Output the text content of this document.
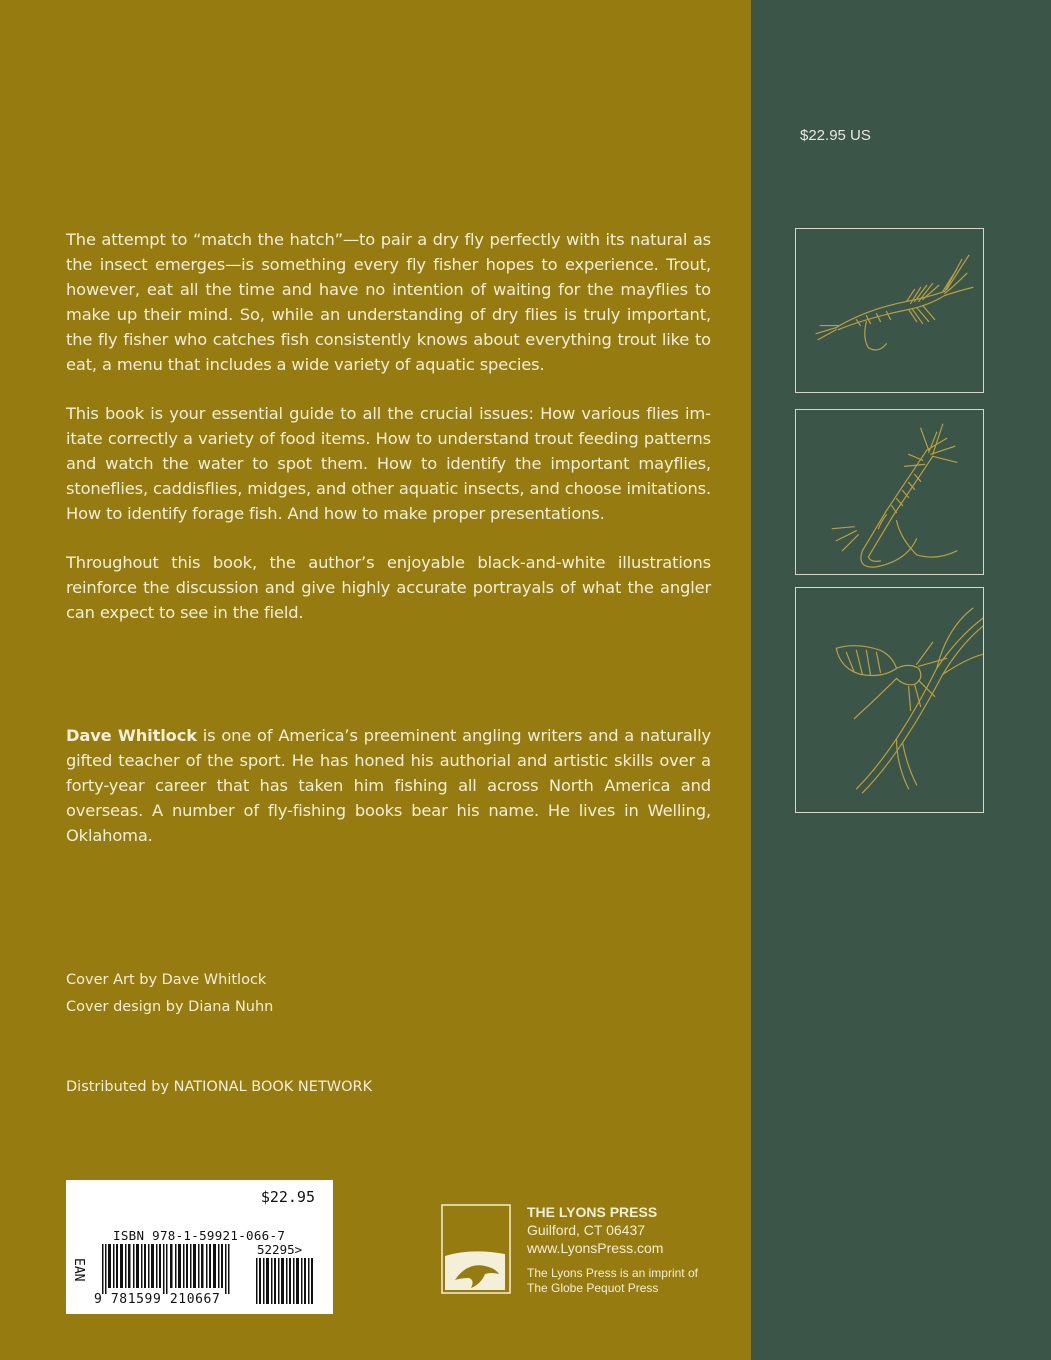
$22.95 US

The attempt to “match the hatch”—to pair a dry fly perfectly with its natural as the insect emerges—is something every fly fisher hopes to experience. Trout, however, eat all the time and have no intention of waiting for the mayflies to make up their mind. So, while an understanding of dry flies is truly important, the fly fisher who catches fish consistently knows about everything trout like to eat, a menu that includes a wide variety of aquatic species.

This book is your essential guide to all the crucial issues: How various flies imitate correctly a variety of food items. How to understand trout feeding patterns and watch the water to spot them. How to identify the important mayflies, stoneflies, caddisflies, midges, and other aquatic insects, and choose imitations. How to identify forage fish. And how to make proper presentations.

Throughout this book, the author’s enjoyable black-and-white illustrations reinforce the discussion and give highly accurate portrayals of what the angler can expect to see in the field.

Dave Whitlock is one of America’s preeminent angling writers and a naturally gifted teacher of the sport. He has honed his authorial and artistic skills over a forty-year career that has taken him fishing all across North America and overseas. A number of fly-fishing books bear his name. He lives in Welling, Oklahoma.

Cover Art by Dave Whitlock

Cover design by Diana Nuhn

Distributed by NATIONAL BOOK NETWORK

$22.95
ISBN 978-1-59921-066-7
52295>
EAN
9 781599 210667

THE LYONS PRESS

Guilford, CT 06437

www.LyonsPress.com

The Lyons Press is an imprint of

The Globe Pequot Press
